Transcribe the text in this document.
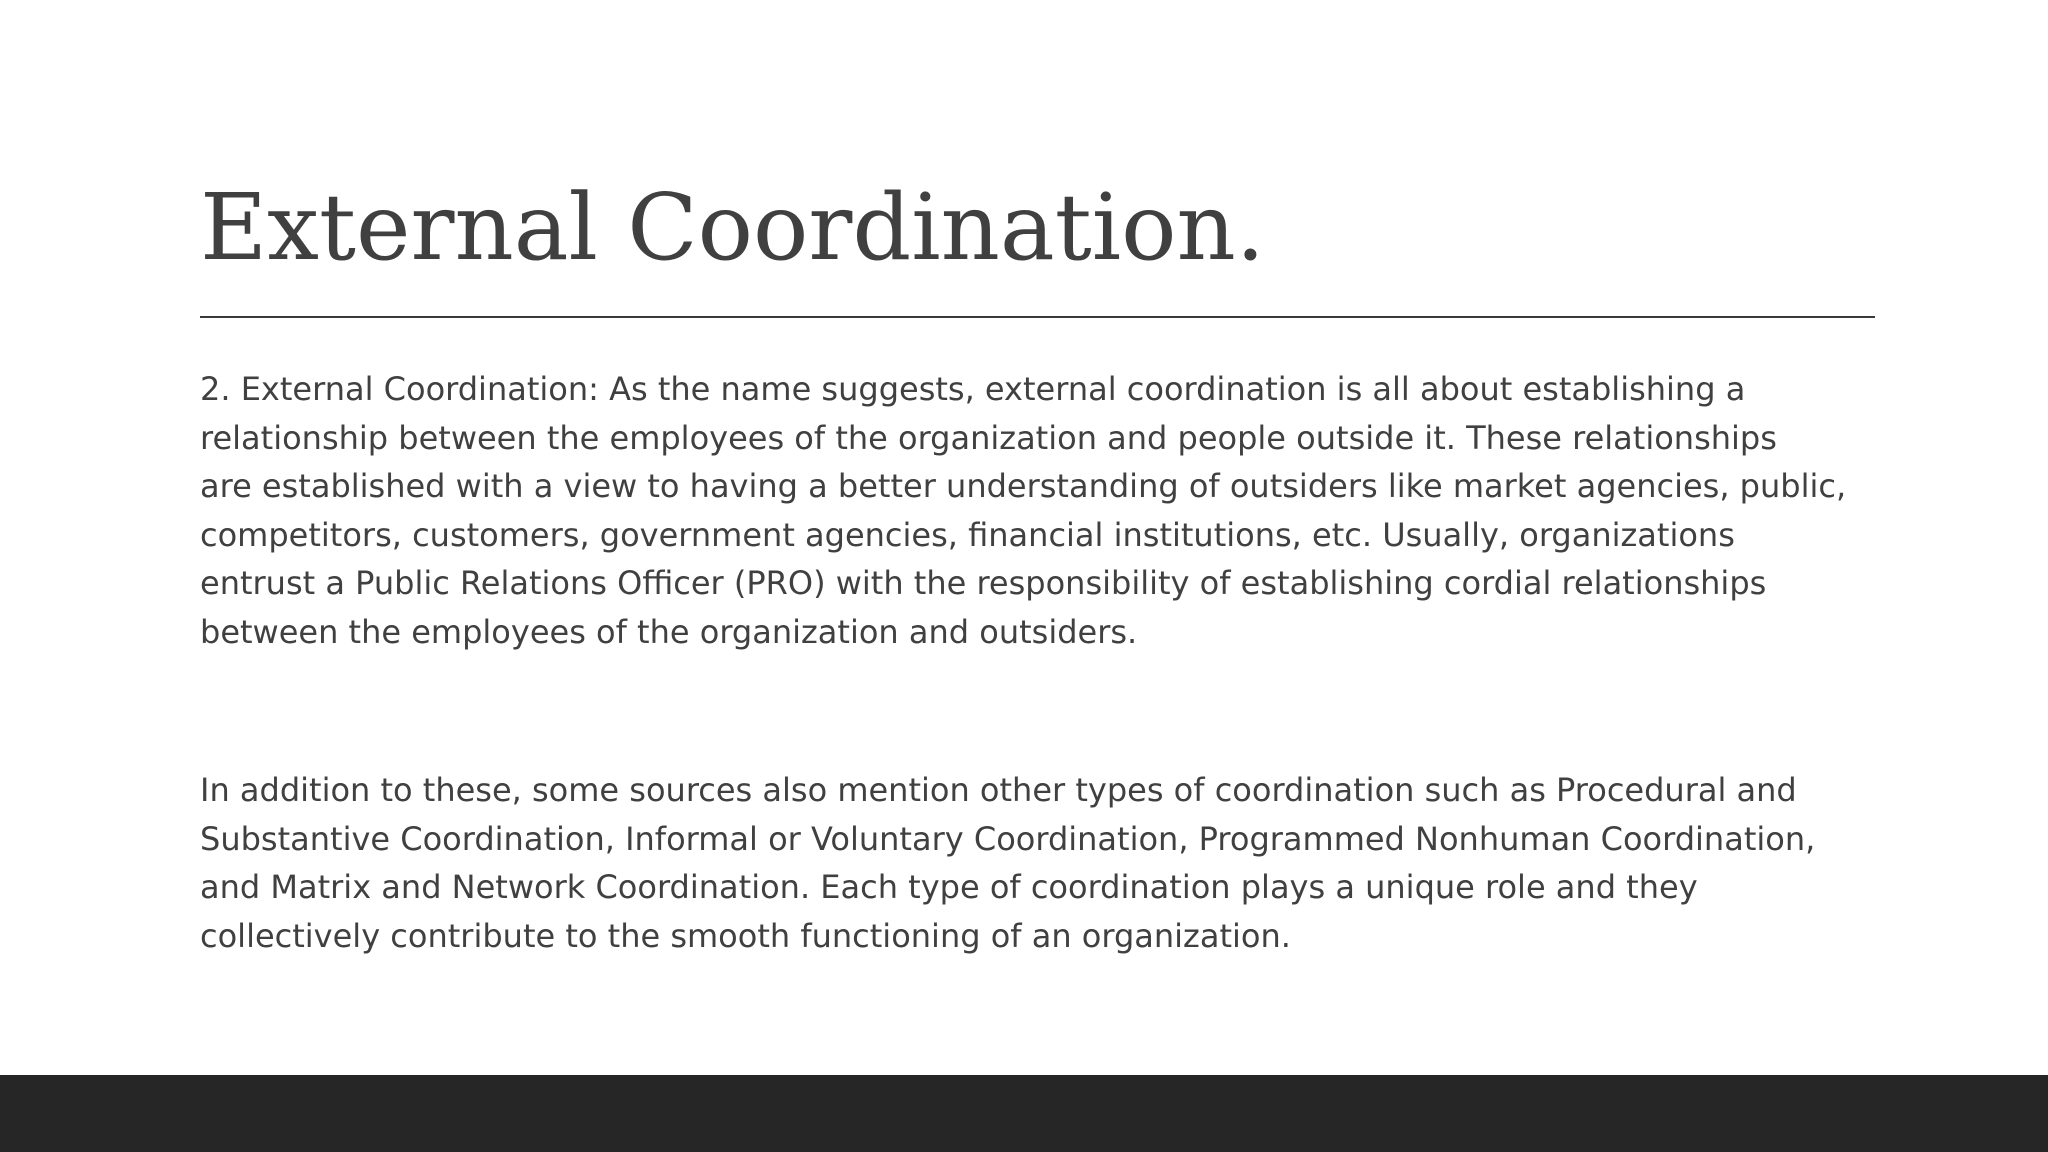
External Coordination.

2. External Coordination: As the name suggests, external coordination is all about establishing a

relationship between the employees of the organization and people outside it. These relationships

are established with a view to having a better understanding of outsiders like market agencies, public,

competitors, customers, government agencies, financial institutions, etc. Usually, organizations

entrust a Public Relations Officer (PRO) with the responsibility of establishing cordial relationships

between the employees of the organization and outsiders.

In addition to these, some sources also mention other types of coordination such as Procedural and

Substantive Coordination, Informal or Voluntary Coordination, Programmed Nonhuman Coordination,

and Matrix and Network Coordination. Each type of coordination plays a unique role and they

collectively contribute to the smooth functioning of an organization.
